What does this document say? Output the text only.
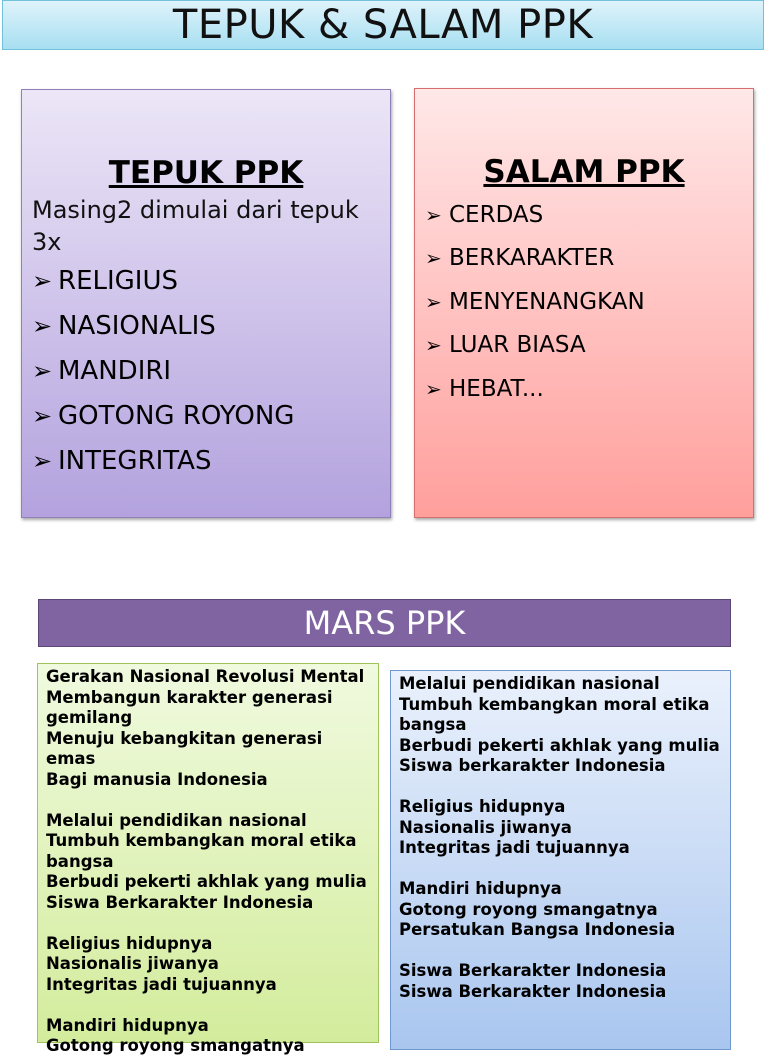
TEPUK & SALAM PPK
TEPUK PPK

Masing2 dimulai dari tepuk 3x

➢ RELIGIUS
➢ NASIONALIS
➢ MANDIRI
➢ GOTONG ROYONG
➢ INTEGRITAS
SALAM PPK
➢ CERDAS
➢ BERKARAKTER
➢ MENYENANGKAN
➢ LUAR BIASA
➢ HEBAT...
MARS PPK
Gerakan Nasional Revolusi Mental
Membangun karakter generasi gemilang
Menuju kebangkitan generasi emas
Bagi manusia Indonesia
Melalui pendidikan nasional
Tumbuh kembangkan moral etika bangsa
Berbudi pekerti akhlak yang mulia
Siswa Berkarakter Indonesia
Religius hidupnya
Nasionalis jiwanya
Integritas jadi tujuannya
Mandiri hidupnya
Gotong royong smangatnya
Melalui pendidikan nasional
Tumbuh kembangkan moral etika bangsa
Berbudi pekerti akhlak yang mulia
Siswa berkarakter Indonesia
Religius hidupnya
Nasionalis jiwanya
Integritas jadi tujuannya
Mandiri hidupnya
Gotong royong smangatnya
Persatukan Bangsa Indonesia
Siswa Berkarakter Indonesia
Siswa Berkarakter Indonesia
